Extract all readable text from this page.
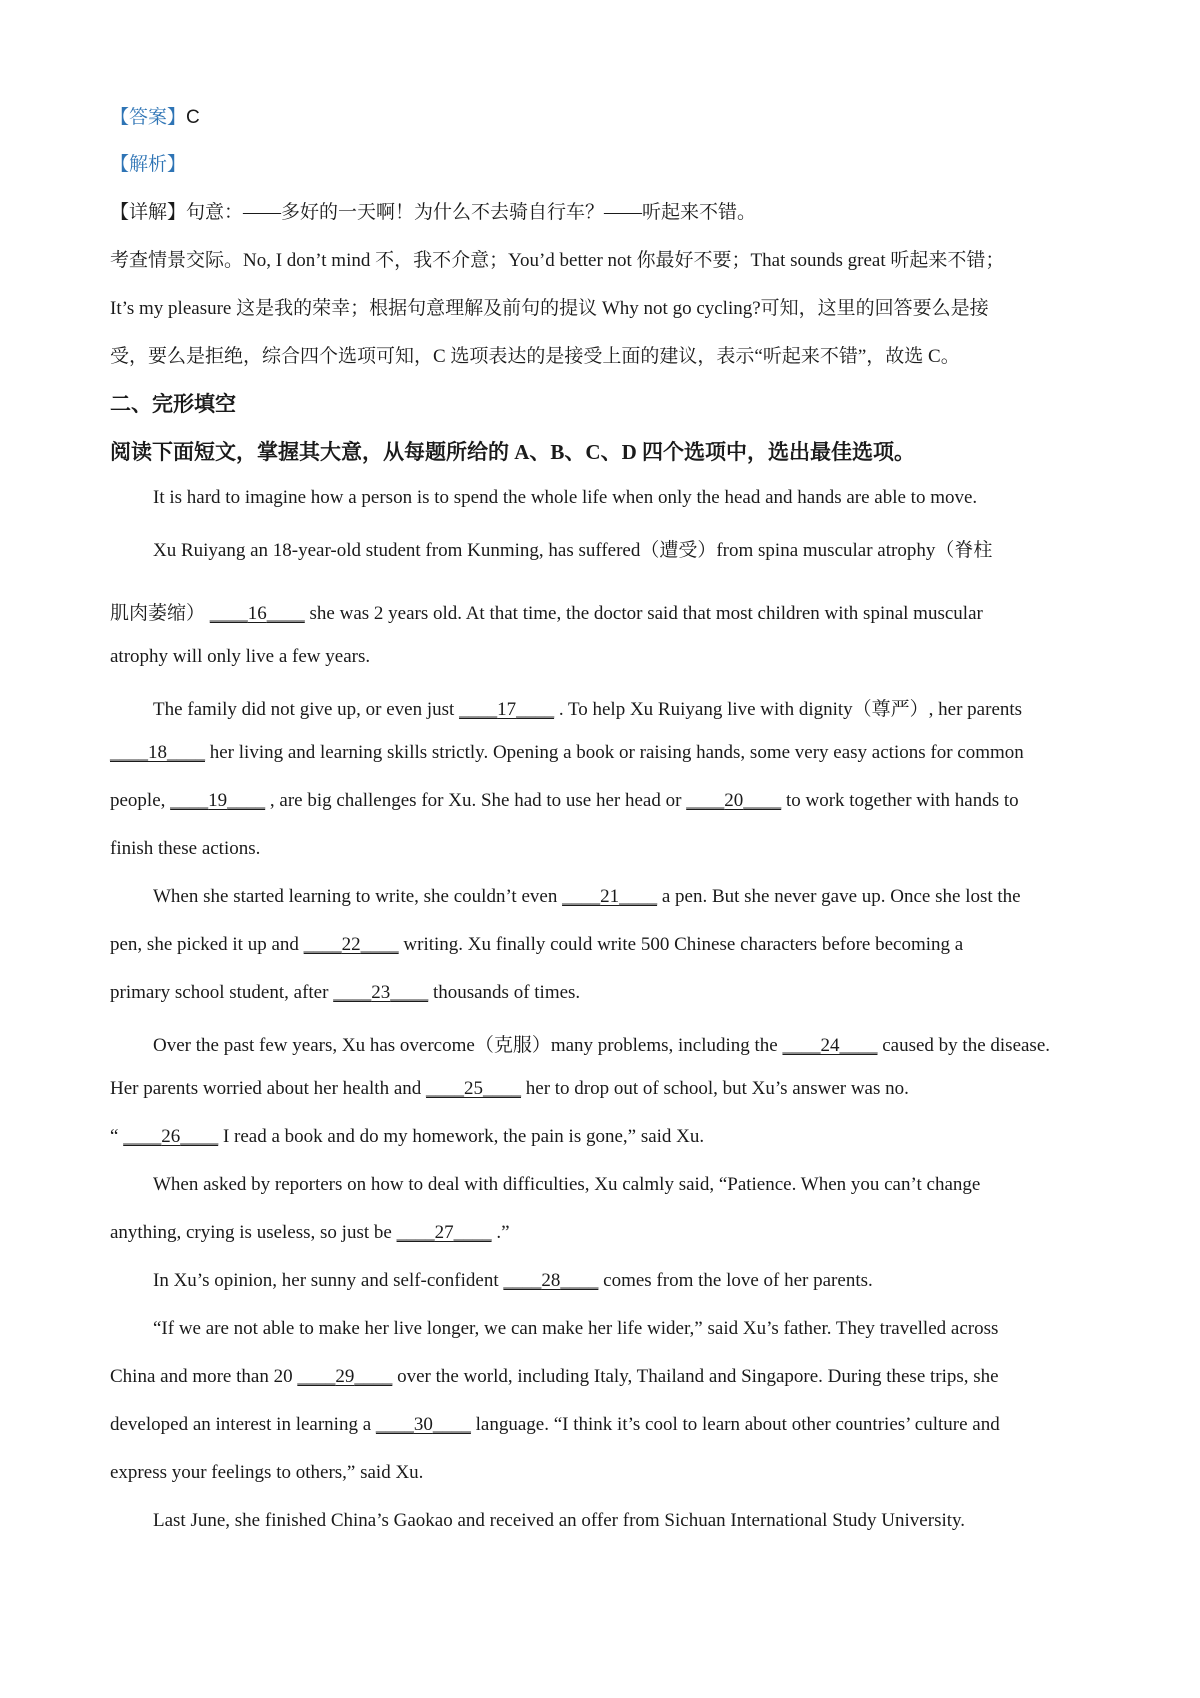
【答案】C
【解析】
【详解】句意：——多好的一天啊！为什么不去骑自行车？——听起来不错。
考查情景交际。No, I don’t mind 不，我不介意；You’d better not 你最好不要；That sounds great 听起来不错；
It’s my pleasure 这是我的荣幸；根据句意理解及前句的提议 Why not go cycling?可知，这里的回答要么是接
受，要么是拒绝，综合四个选项可知，C 选项表达的是接受上面的建议，表示“听起来不错”，故选 C。
二、完形填空
阅读下面短文，掌握其大意，从每题所给的 A、B、C、D 四个选项中，选出最佳选项。
It is hard to imagine how a person is to spend the whole life when only the head and hands are able to move.
Xu Ruiyang an 18-year-old student from Kunming, has suffered（遭受）from spina muscular atrophy（脊柱
肌肉萎缩） ____16____ she was 2 years old. At that time, the doctor said that most children with spinal muscular
atrophy will only live a few years.
The family did not give up, or even just ____17____ . To help Xu Ruiyang live with dignity（尊严）, her parents
____18____ her living and learning skills strictly. Opening a book or raising hands, some very easy actions for common
people, ____19____ , are big challenges for Xu. She had to use her head or ____20____ to work together with hands to
finish these actions.
When she started learning to write, she couldn’t even ____21____ a pen. But she never gave up. Once she lost the
pen, she picked it up and ____22____ writing. Xu finally could write 500 Chinese characters before becoming a
primary school student, after ____23____ thousands of times.
Over the past few years, Xu has overcome（克服）many problems, including the ____24____ caused by the disease.
Her parents worried about her health and ____25____ her to drop out of school, but Xu’s answer was no.
“ ____26____ I read a book and do my homework, the pain is gone,” said Xu.
When asked by reporters on how to deal with difficulties, Xu calmly said, “Patience. When you can’t change
anything, crying is useless, so just be ____27____ .”
In Xu’s opinion, her sunny and self-confident ____28____ comes from the love of her parents.
“If we are not able to make her live longer, we can make her life wider,” said Xu’s father. They travelled across
China and more than 20 ____29____ over the world, including Italy, Thailand and Singapore. During these trips, she
developed an interest in learning a ____30____ language. “I think it’s cool to learn about other countries’ culture and
express your feelings to others,” said Xu.
Last June, she finished China’s Gaokao and received an offer from Sichuan International Study University.
